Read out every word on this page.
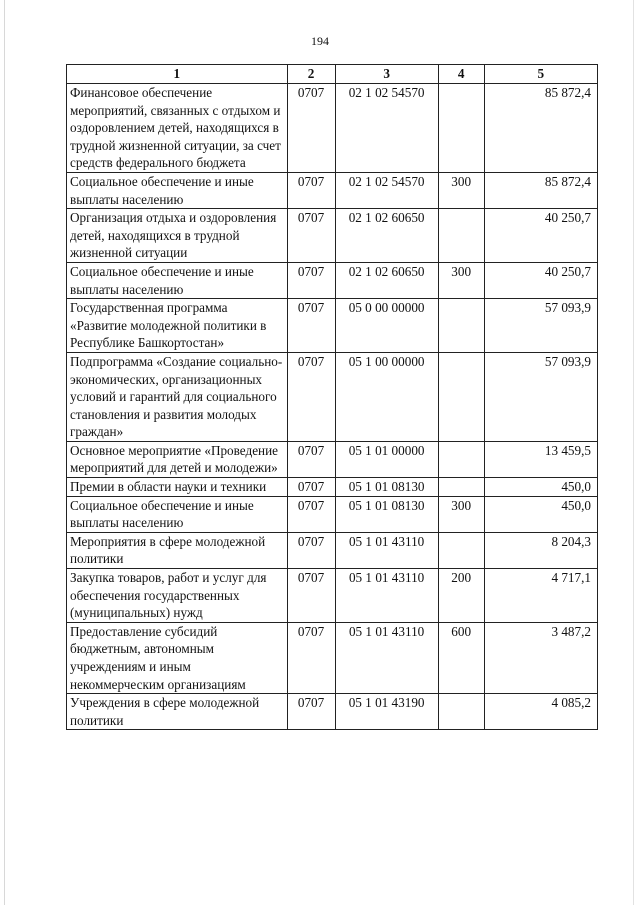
194
1	2	3	4	5
Финансовое обеспечение мероприятий, связанных с отдыхом и оздоровлением детей, находящихся в трудной жизненной ситуации, за счет средств федерального бюджета	0707	02 1 02 54570		85 872,4
Социальное обеспечение и иные выплаты населению	0707	02 1 02 54570	300	85 872,4
Организация отдыха и оздоровления детей, находящихся в трудной жизненной ситуации	0707	02 1 02 60650		40 250,7
Социальное обеспечение и иные выплаты населению	0707	02 1 02 60650	300	40 250,7
Государственная программа «Развитие молодежной политики в Республике Башкортостан»	0707	05 0 00 00000		57 093,9
Подпрограмма «Создание социально-экономических, организационных условий и гарантий для социального становления и развития молодых граждан»	0707	05 1 00 00000		57 093,9
Основное мероприятие «Проведение мероприятий для детей и молодежи»	0707	05 1 01 00000		13 459,5
Премии в области науки и техники	0707	05 1 01 08130		450,0
Социальное обеспечение и иные выплаты населению	0707	05 1 01 08130	300	450,0
Мероприятия в сфере молодежной политики	0707	05 1 01 43110		8 204,3
Закупка товаров, работ и услуг для обеспечения государственных (муниципальных) нужд	0707	05 1 01 43110	200	4 717,1
Предоставление субсидий бюджетным, автономным учреждениям и иным некоммерческим организациям	0707	05 1 01 43110	600	3 487,2
Учреждения в сфере молодежной политики	0707	05 1 01 43190		4 085,2
